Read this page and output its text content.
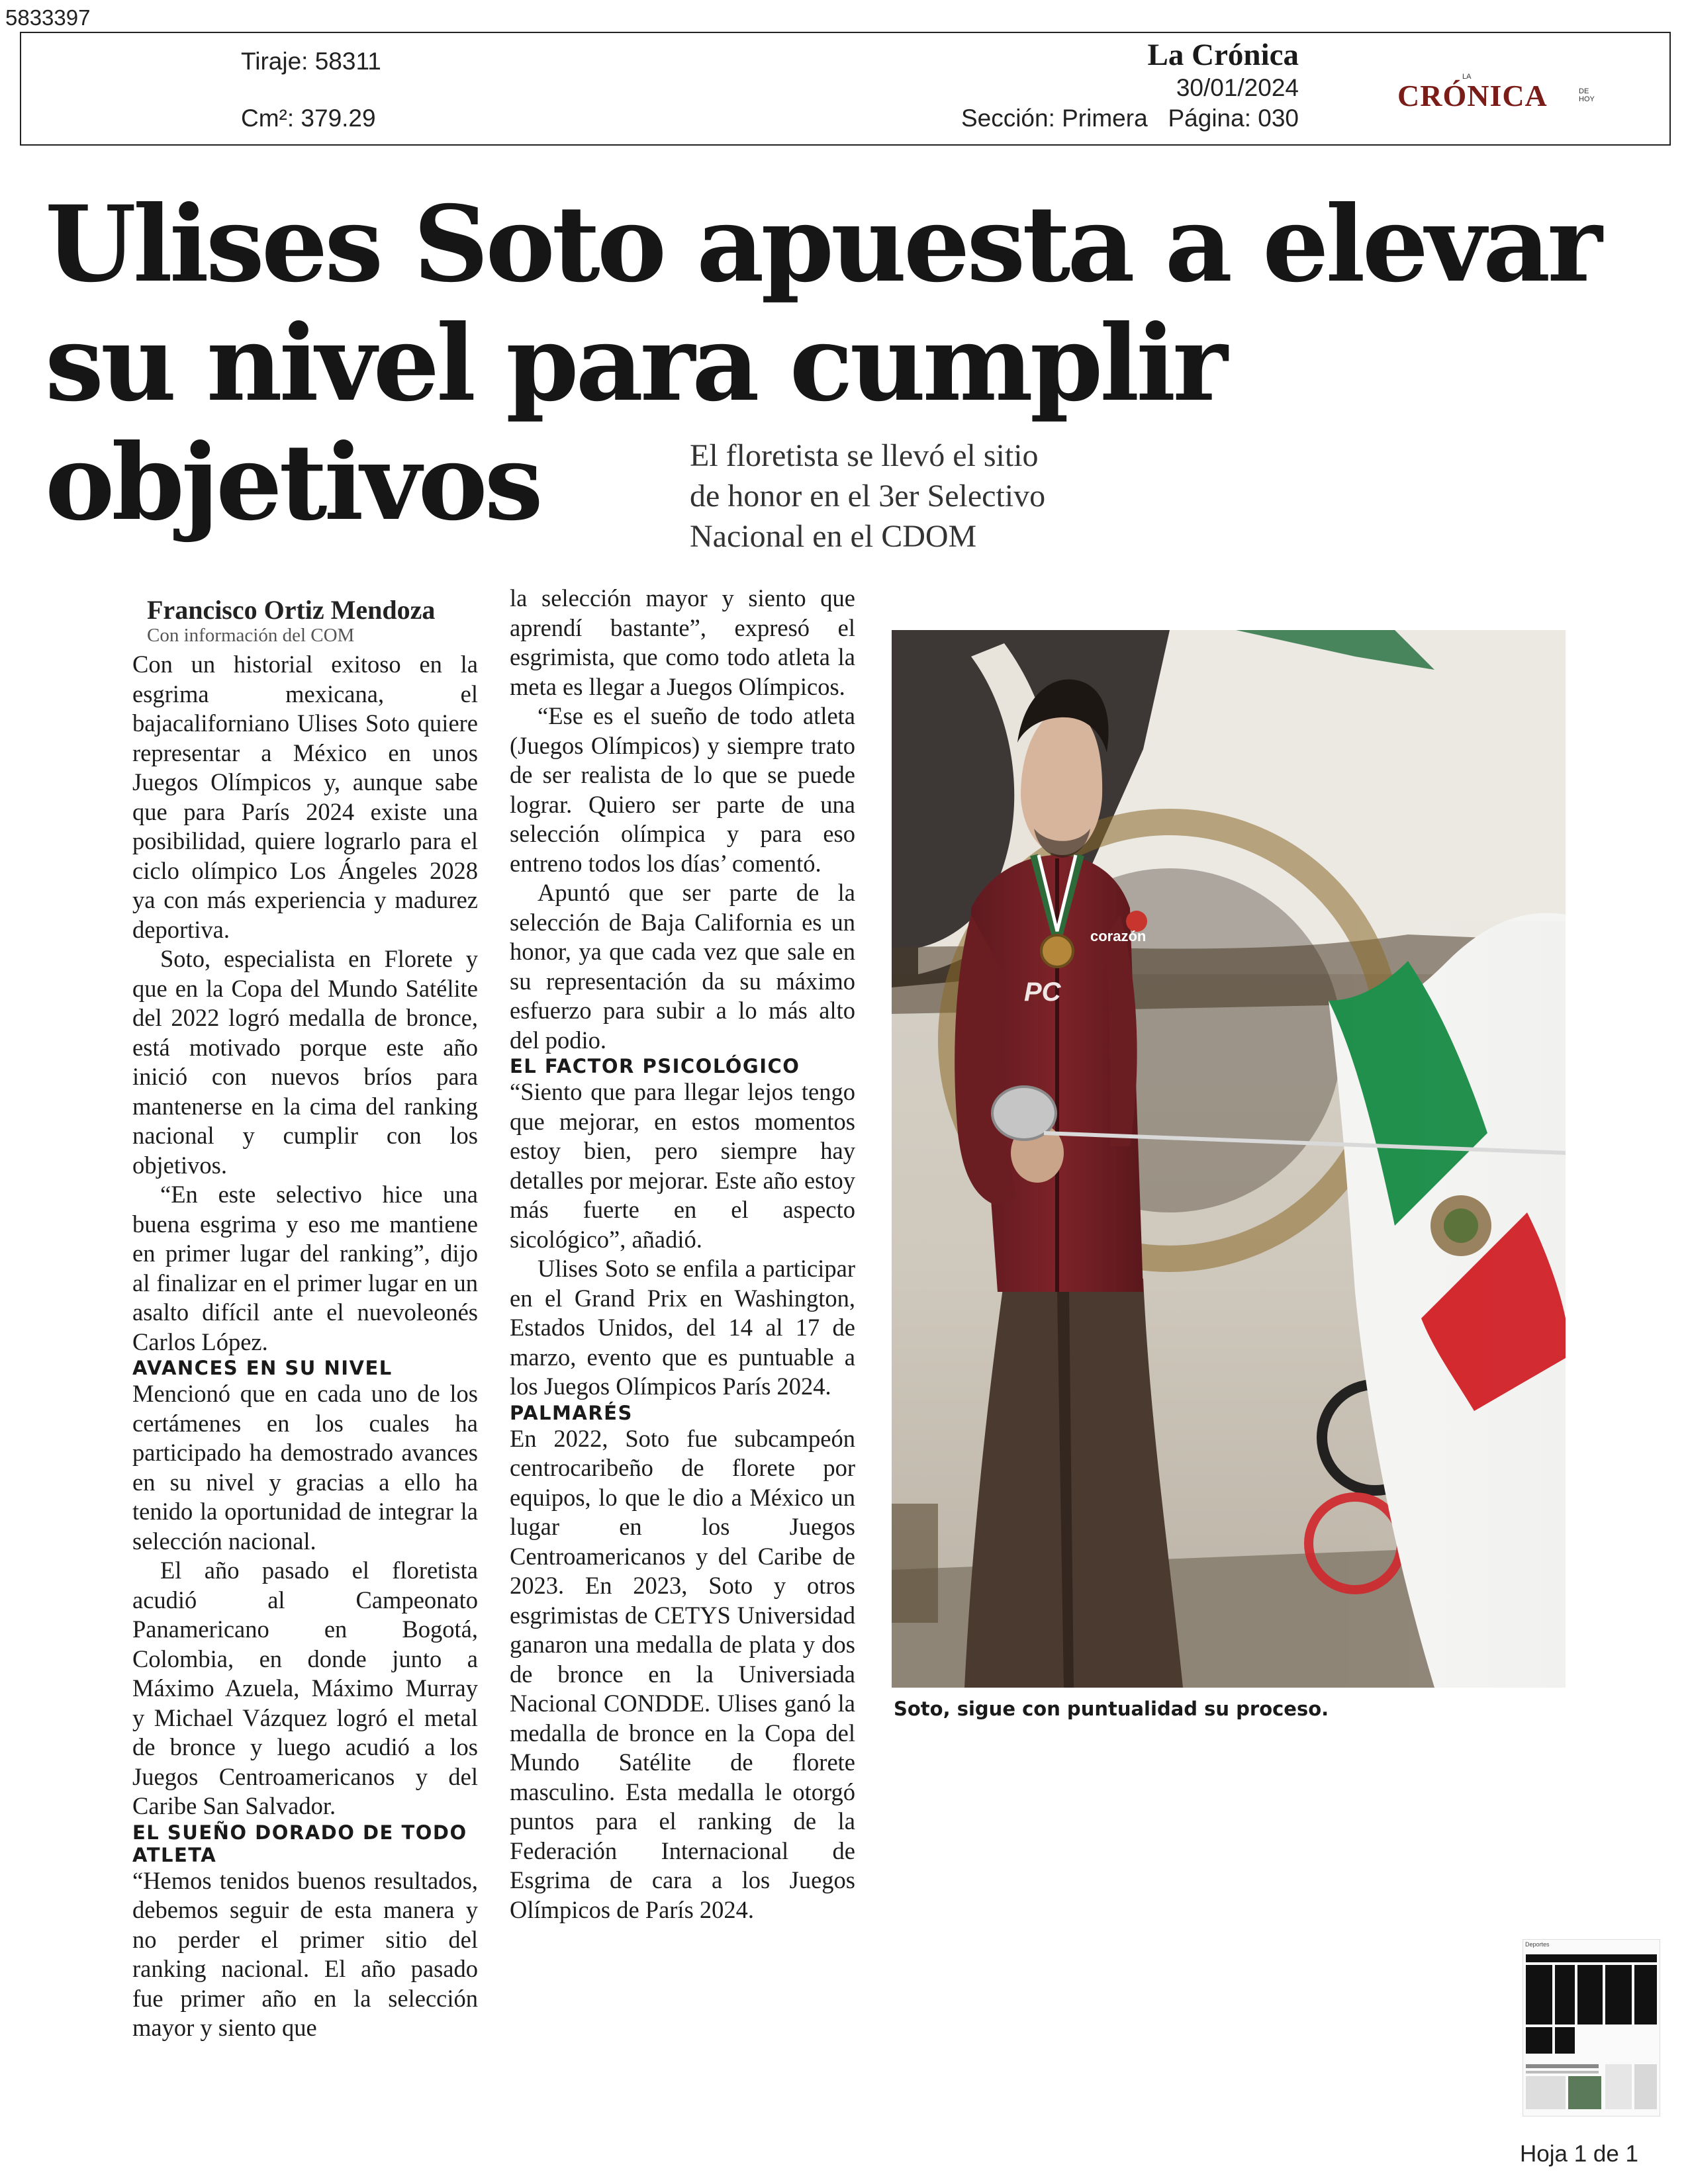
5833397
Tiraje: 58311
Cm²: 379.29
La Crónica
30/01/2024
Sección: Primera   Página: 030
LA
CRÓNICA	DE HOY
Ulises Soto apuesta a elevar su nivel para cumplir objetivos	El floretista se llevó el sitio de honor en el 3er Selectivo Nacional en el CDOM
Francisco Ortiz Mendoza
Con información del COM

Con un historial exitoso en la esgrima mexicana, el bajacaliforniano Ulises Soto quiere representar a México en unos Juegos Olímpicos y, aunque sabe que para París 2024 existe una posibilidad, quiere lograrlo para el ciclo olímpico Los Ángeles 2028 ya con más experiencia y madurez deportiva.

Soto, especialista en Florete y que en la Copa del Mundo Satélite del 2022 logró medalla de bronce, está motivado porque este año inició con nuevos bríos para mantenerse en la cima del ranking nacional y cumplir con los objetivos.

“En este selectivo hice una buena esgrima y eso me mantiene en primer lugar del ranking”, dijo al finalizar en el primer lugar en un asalto difícil ante el nuevoleonés Carlos López.

AVANCES EN SU NIVEL

Mencionó que en cada uno de los certámenes en los cuales ha participado ha demostrado avances en su nivel y gracias a ello ha tenido la oportunidad de integrar la selección nacional.

El año pasado el floretista acudió al Campeonato Panamericano en Bogotá, Colombia, en donde junto a Máximo Azuela, Máximo Murray y Michael Vázquez logró el metal de bronce y luego acudió a los Juegos Centroamericanos y del Caribe San Salvador.

EL SUEÑO DORADO DE TODO ATLETA

“Hemos tenidos buenos resultados, debemos seguir de esta manera y no perder el primer sitio del ranking nacional. El año pasado fue primer año en la selección mayor y siento que

la selección mayor y siento que aprendí bastante”, expresó el esgrimista, que como todo atleta la meta es llegar a Juegos Olímpicos.

“Ese es el sueño de todo atleta (Juegos Olímpicos) y siempre trato de ser realista de lo que se puede lograr. Quiero ser parte de una selección olímpica y para eso entreno todos los días’ comentó.

Apuntó que ser parte de la selección de Baja California es un honor, ya que cada vez que sale en su representación da su máximo esfuerzo para subir a lo más alto del podio.

EL FACTOR PSICOLÓGICO

“Siento que para llegar lejos tengo que mejorar, en estos momentos estoy bien, pero siempre hay detalles por mejorar. Este año estoy más fuerte en el aspecto sicológico”, añadió.

Ulises Soto se enfila a participar en el Grand Prix en Washington, Estados Unidos, del 14 al 17 de marzo, evento que es puntuable a los Juegos Olímpicos París 2024.

PALMARÉS

En 2022, Soto fue subcampeón centrocaribeño de florete por equipos, lo que le dio a México un lugar en los Juegos Centroamericanos y del Caribe de 2023. En 2023, Soto y otros esgrimistas de CETYS Universidad ganaron una medalla de plata y dos de bronce en la Universiada Nacional CONDDE. Ulises ganó la medalla de bronce en la Copa del Mundo Satélite de florete masculino. Esta medalla le otorgó puntos para el ranking de la Federación Internacional de Esgrima de cara a los Juegos Olímpicos de París 2024.

PC
corazón
Soto, sigue con puntualidad su proceso.
Deportes
Hoja 1 de 1
